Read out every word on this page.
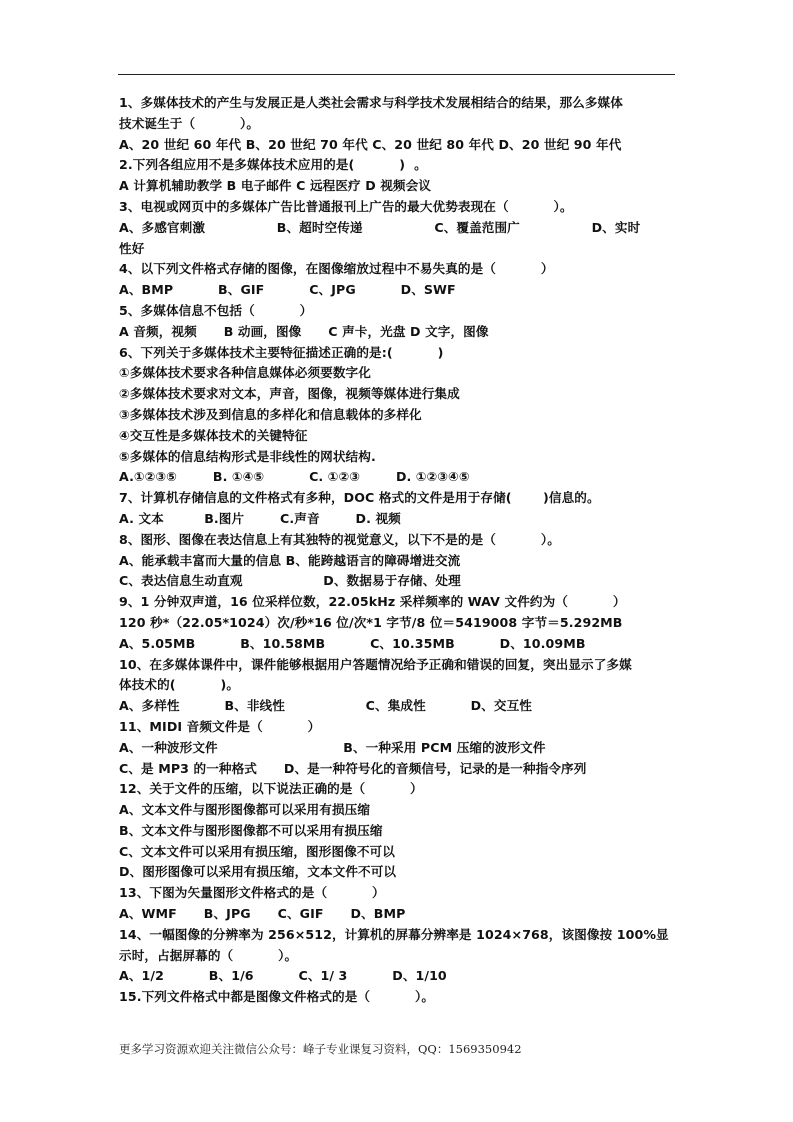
1、多媒体技术的产生与发展正是人类社会需求与科学技术发展相结合的结果，那么多媒体
技术诞生于（          ）。
A、20 世纪 60 年代 B、20 世纪 70 年代 C、20 世纪 80 年代 D、20 世纪 90 年代
2.下列各组应用不是多媒体技术应用的是(          )  。
A 计算机辅助教学 B 电子邮件 C 远程医疗 D 视频会议
3、电视或网页中的多媒体广告比普通报刊上广告的最大优势表现在（          ）。
A、多感官刺激                B、超时空传递                C、覆盖范围广                D、实时
性好
4、以下列文件格式存储的图像，在图像缩放过程中不易失真的是（          ）
A、BMP          B、GIF          C、JPG          D、SWF
5、多媒体信息不包括（          ）
A 音频，视频      B 动画，图像      C 声卡，光盘 D 文字，图像
6、下列关于多媒体技术主要特征描述正确的是:(          )
①多媒体技术要求各种信息媒体必须要数字化
②多媒体技术要求对文本，声音，图像，视频等媒体进行集成
③多媒体技术涉及到信息的多样化和信息载体的多样化
④交互性是多媒体技术的关键特征
⑤多媒体的信息结构形式是非线性的网状结构.
A.①②③⑤        B. ①④⑤          C. ①②③        D. ①②③④⑤
7、计算机存储信息的文件格式有多种，DOC 格式的文件是用于存储(       )信息的。
A. 文本         B.图片        C.声音        D. 视频
8、图形、图像在表达信息上有其独特的视觉意义，以下不是的是（          ）。
A、能承载丰富而大量的信息 B、能跨越语言的障碍增进交流
C、表达信息生动直观                  D、数据易于存储、处理
9、1 分钟双声道，16 位采样位数，22.05kHz 采样频率的 WAV 文件约为（          ）
120 秒*（22.05*1024）次/秒*16 位/次*1 字节/8 位＝5419008 字节＝5.292MB
A、5.05MB          B、10.58MB          C、10.35MB          D、10.09MB
10、在多媒体课件中，课件能够根据用户答题情况给予正确和错误的回复，突出显示了多媒
体技术的(          )。
A、多样性          B、非线性                  C、集成性          D、交互性
11、MIDI 音频文件是（          ）
A、一种波形文件                            B、一种采用 PCM 压缩的波形文件
C、是 MP3 的一种格式      D、是一种符号化的音频信号，记录的是一种指令序列
12、关于文件的压缩，以下说法正确的是（          ）
A、文本文件与图形图像都可以采用有损压缩
B、文本文件与图形图像都不可以采用有损压缩
C、文本文件可以采用有损压缩，图形图像不可以
D、图形图像可以采用有损压缩，文本文件不可以
13、下图为矢量图形文件格式的是（          ）
A、WMF      B、JPG      C、GIF      D、BMP
14、一幅图像的分辨率为 256×512，计算机的屏幕分辨率是 1024×768，该图像按 100%显
示时，占据屏幕的（          ）。
A、1/2          B、1/6          C、1/ 3          D、1/10
15.下列文件格式中都是图像文件格式的是（          ）。
更多学习资源欢迎关注微信公众号：峰子专业课复习资料，QQ：1569350942
